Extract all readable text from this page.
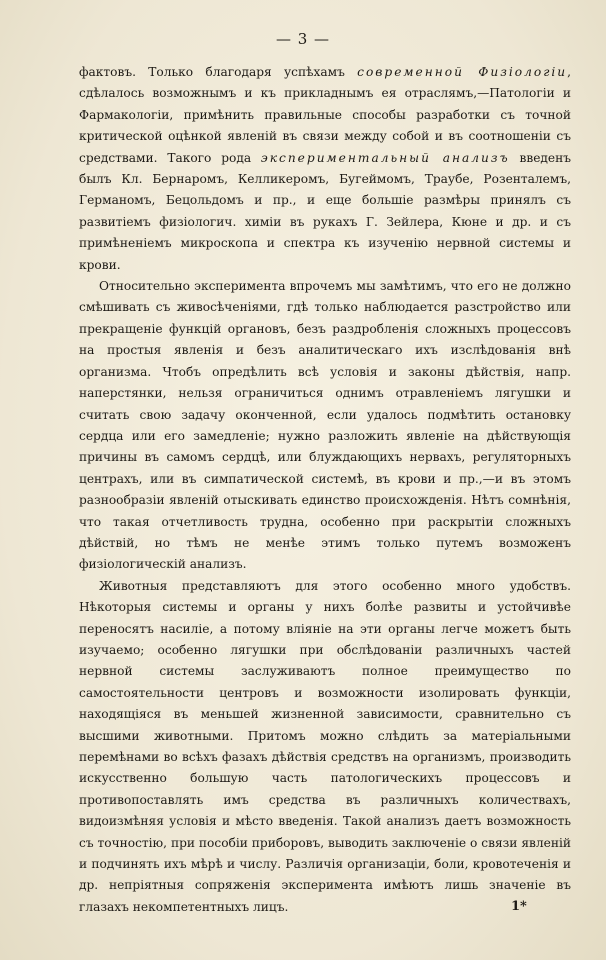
— 3 —

фактовъ. Только благодаря успѣхамъ современной Физіологіи, сдѣлалось возможнымъ и къ прикладнымъ ея отраслямъ,—Патологіи и Фармакологіи, примѣнить правильные способы разработки съ точной критической оцѣнкой явленій въ связи между собой и въ соотношеніи съ средствами. Такого рода экспериментальный анализъ введенъ былъ Кл. Бернаромъ, Келликеромъ, Бугеймомъ, Траубе, Розенталемъ, Германомъ, Бецольдомъ и пр., и еще большіе размѣры принялъ съ развитіемъ физіологич. химіи въ рукахъ Г. Зейлера, Кюне и др. и съ примѣненіемъ микроскопа и спектра къ изученію нервной системы и крови.

Относительно эксперимента впрочемъ мы замѣтимъ, что его не должно смѣшивать съ живосѣченіями, гдѣ только наблюдается разстройство или прекращеніе функцій органовъ, безъ раздробленія сложныхъ процессовъ на простыя явленія и безъ аналитическаго ихъ изслѣдованія внѣ организма. Чтобъ опредѣлить всѣ условія и законы дѣйствія, напр. наперстянки, нельзя ограничиться однимъ отравленіемъ лягушки и считать свою задачу оконченной, если удалось подмѣтить остановку сердца или его замедленіе; нужно разложить явленіе на дѣйствующія причины въ самомъ сердцѣ, или блуждающихъ нервахъ, регуляторныхъ центрахъ, или въ симпатической системѣ, въ крови и пр.,—и въ этомъ разнообразіи явленій отыскивать единство происхожденія. Нѣтъ сомнѣнія, что такая отчетливость трудна, особенно при раскрытіи сложныхъ дѣйствій, но тѣмъ не менѣе этимъ только путемъ возможенъ физіологическій анализъ.

Животныя представляютъ для этого особенно много удобствъ. Нѣкоторыя системы и органы у нихъ болѣе развиты и устойчивѣе переносятъ насиліе, а потому вліяніе на эти органы легче можетъ быть изучаемо; особенно лягушки при обслѣдованіи различныхъ частей нервной системы заслуживаютъ полное преимущество по самостоятельности центровъ и возможности изолировать функціи, находящіяся въ меньшей жизненной зависимости, сравнительно съ высшими животными. Притомъ можно слѣдить за матеріальными перемѣнами во всѣхъ фазахъ дѣйствія средствъ на организмъ, производить искусственно большую часть патологическихъ процессовъ и противопоставлять имъ средства въ различныхъ количествахъ, видоизмѣняя условія и мѣсто введенія. Такой анализъ даетъ возможность съ точностію, при пособіи приборовъ, выводить заключеніе о связи явленій и подчинять ихъ мѣрѣ и числу. Различія организаціи, боли, кровотеченія и др. непріятныя сопряженія эксперимента имѣютъ лишь значеніе въ глазахъ некомпетентныхъ лицъ.	1*
